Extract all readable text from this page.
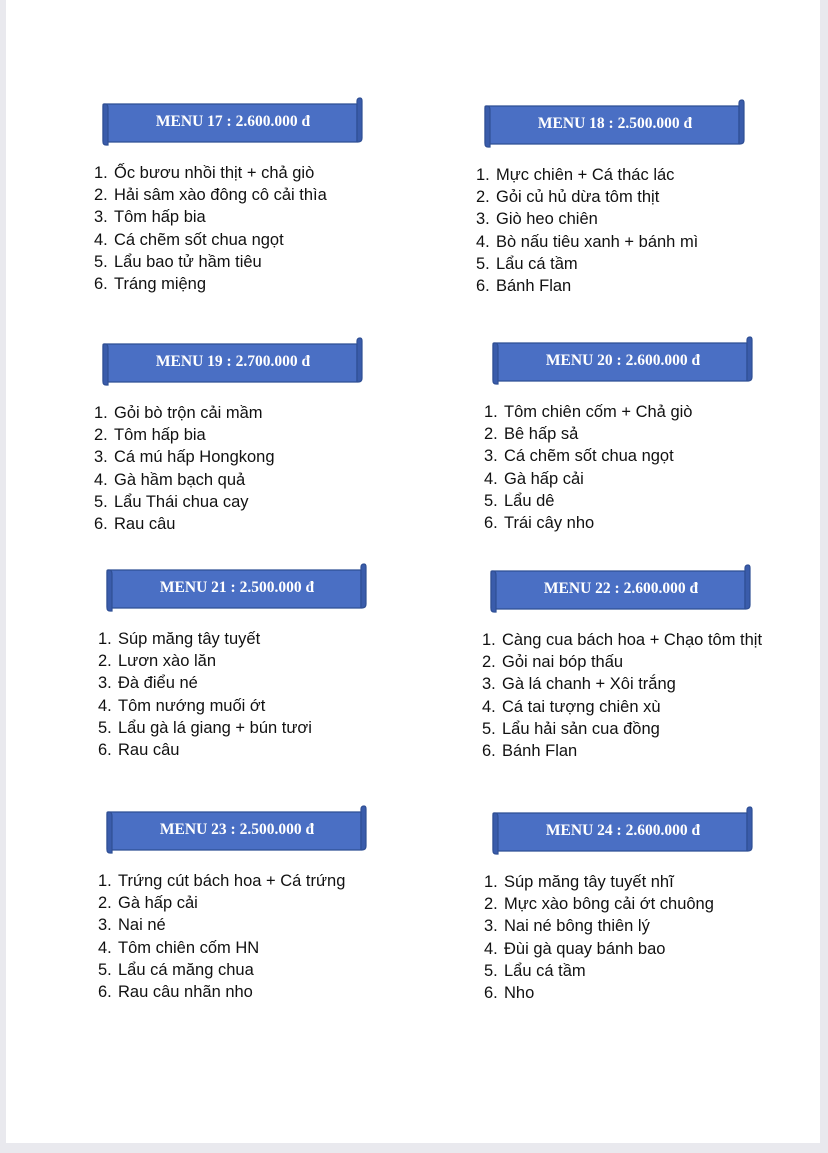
MENU 17 : 2.600.000 đ
1. Ốc bươu nhồi thịt + chả giò
2. Hải sâm xào đông cô cải thìa
3. Tôm hấp bia
4. Cá chẽm sốt chua ngọt
5. Lẩu bao tử hầm tiêu
6. Tráng miệng
MENU 18 : 2.500.000 đ
1. Mực chiên + Cá thác lác
2. Gỏi củ hủ dừa tôm thịt
3. Giò heo chiên
4. Bò nấu tiêu xanh + bánh mì
5. Lẩu cá tầm
6. Bánh Flan
MENU 19 : 2.700.000 đ
1. Gỏi bò trộn cải mầm
2. Tôm hấp bia
3. Cá mú hấp Hongkong
4. Gà hầm bạch quả
5. Lẩu Thái chua cay
6. Rau câu
MENU 20 : 2.600.000 đ
1. Tôm chiên cốm + Chả giò
2. Bê hấp sả
3. Cá chẽm sốt chua ngọt
4. Gà hấp cải
5. Lẩu dê
6. Trái cây nho
MENU 21 : 2.500.000 đ
1. Súp măng tây tuyết
2. Lươn xào lăn
3. Đà điểu né
4. Tôm nướng muối ớt
5. Lẩu gà lá giang + bún tươi
6. Rau câu
MENU 22 : 2.600.000 đ
1. Càng cua bách hoa + Chạo tôm thịt
2. Gỏi nai bóp thấu
3. Gà lá chanh + Xôi trắng
4. Cá tai tượng chiên xù
5. Lẩu hải sản cua đồng
6. Bánh Flan
MENU 23 : 2.500.000 đ
1. Trứng cút bách hoa + Cá trứng
2. Gà hấp cải
3. Nai né
4. Tôm chiên cốm HN
5. Lẩu cá măng chua
6. Rau câu nhãn nho
MENU 24 : 2.600.000 đ
1. Súp măng tây tuyết nhĩ
2. Mực xào bông cải ớt chuông
3. Nai né bông thiên lý
4. Đùi gà quay bánh bao
5. Lẩu cá tầm
6. Nho
